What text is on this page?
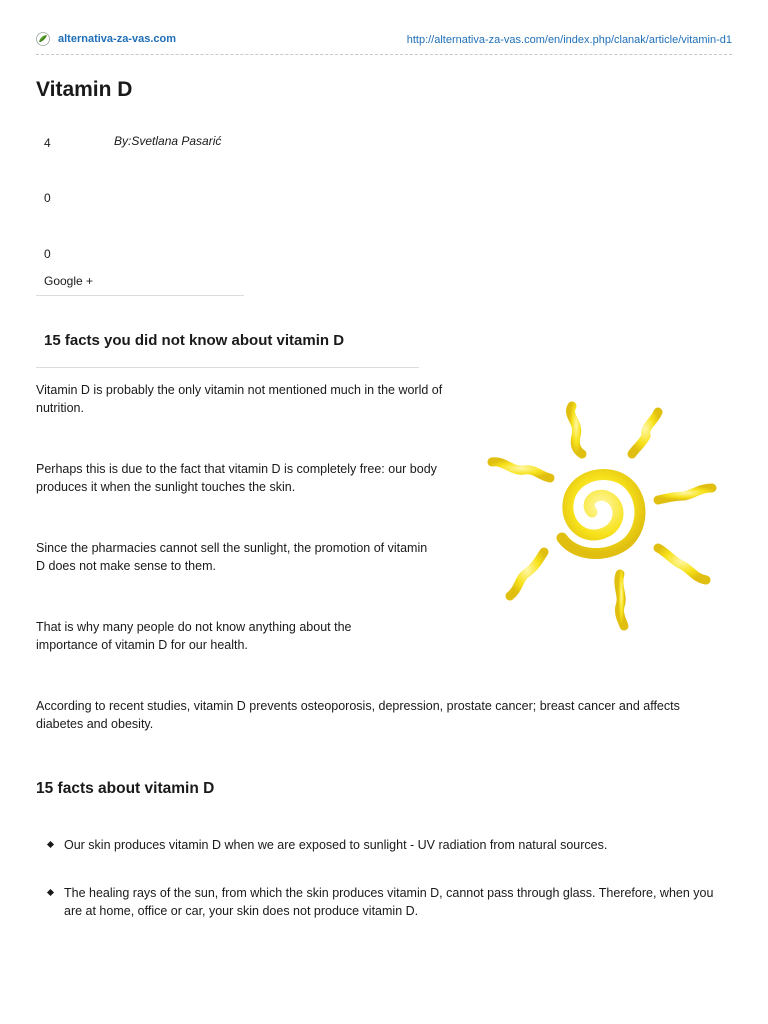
alternativa-za-vas.com	http://alternativa-za-vas.com/en/index.php/clanak/article/vitamin-d1
Vitamin D
4
0
0
Google +
By:Svetlana Pasarić
15 facts you did not know about vitamin D

Vitamin D is probably the only vitamin not mentioned much in the world of nutrition.

Perhaps this is due to the fact that vitamin D is completely free: our body produces it when the sunlight touches the skin.

Since the pharmacies cannot sell the sunlight, the promotion of vitamin D does not make sense to them.

That is why many people do not know anything about the importance of vitamin D for our health.

According to recent studies, vitamin D prevents osteoporosis, depression, prostate cancer; breast cancer and affects diabetes and obesity.

15 facts about vitamin D
Our skin produces vitamin D when we are exposed to sunlight - UV radiation from natural sources.
The healing rays of the sun, from which the skin produces vitamin D, cannot pass through glass. Therefore, when you are at home, office or car, your skin does not produce vitamin D.
